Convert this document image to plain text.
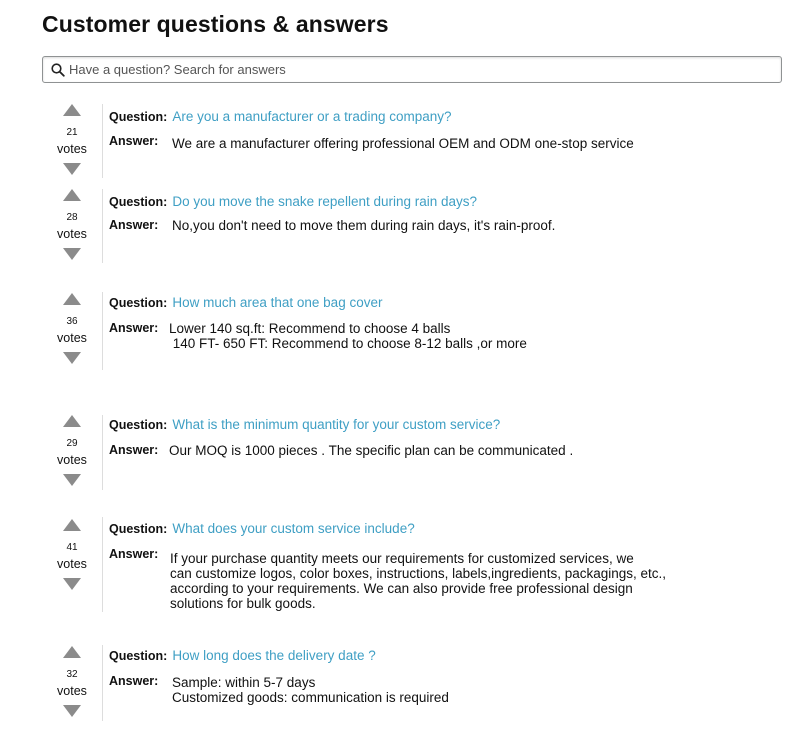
Customer questions & answers
Have a question? Search for answers
21
votes
Question: Are you a manufacturer or a trading company?
Answer: We are a manufacturer offering professional OEM and ODM one-stop service
28
votes
Question: Do you move the snake repellent during rain days?
Answer: No,you don't need to move them during rain days, it's rain-proof.
36
votes
Question: How much area that one bag cover
Answer: Lower 140 sq.ft: Recommend to choose 4 balls
140 FT- 650 FT: Recommend to choose 8-12 balls ,or more
29
votes
Question: What is the minimum quantity for your custom service?
Answer: Our MOQ is 1000 pieces . The specific plan can be communicated .
41
votes
Question: What does your custom service include?
Answer: If your purchase quantity meets our requirements for customized services, we
can customize logos, color boxes, instructions, labels,ingredients, packagings, etc.,
according to your requirements. We can also provide free professional design
solutions for bulk goods.
32
votes
Question: How long does the delivery date ?
Answer: Sample: within 5-7 days
Customized goods: communication is required
